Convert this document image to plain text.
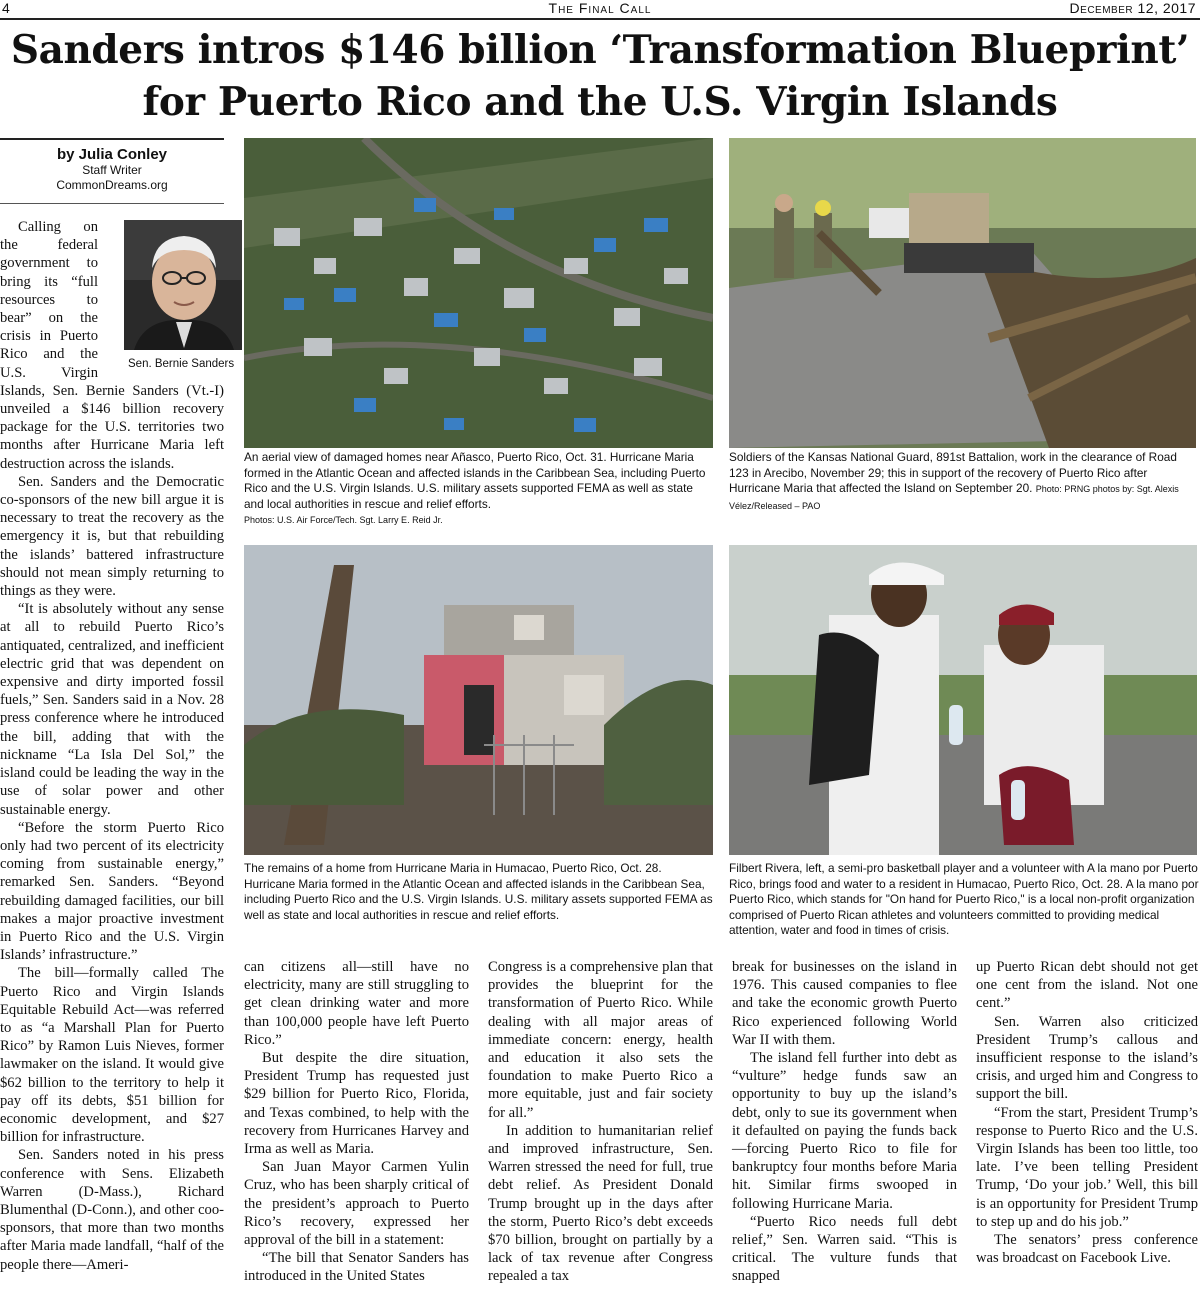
4	The Final Call	December 12, 2017
Sanders intros $146 billion ‘Transformation Blueprint’
for Puerto Rico and the U.S. Virgin Islands
by Julia Conley
Staff Writer
CommonDreams.org

Sen. Bernie Sanders
Calling on the federal government to bring its “full resources to bear” on the crisis in Puerto Rico and the U.S. Virgin Islands, Sen. Bernie Sanders (Vt.-I) unveiled a $146 billion recovery package for the U.S. territories two months after Hurricane Maria left destruction across the islands.

Sen. Sanders and the Democratic co-sponsors of the new bill argue it is necessary to treat the recovery as the emergency it is, but that rebuilding the islands’ battered infrastructure should not mean simply returning to things as they were.

“It is absolutely without any sense at all to rebuild Puerto Rico’s antiquated, centralized, and inefficient electric grid that was dependent on expensive and dirty imported fossil fuels,” Sen. Sanders said in a Nov. 28 press conference where he introduced the bill, adding that with the nickname “La Isla Del Sol,” the island could be leading the way in the use of solar power and other sustainable energy.

“Before the storm Puerto Rico only had two percent of its electricity coming from sustainable energy,” remarked Sen. Sanders. “Beyond rebuilding damaged facilities, our bill makes a major proactive investment in Puerto Rico and the U.S. Virgin Islands’ infrastructure.”

The bill—formally called The Puerto Rico and Virgin Islands Equitable Rebuild Act—was referred to as “a Marshall Plan for Puerto Rico” by Ramon Luis Nieves, former lawmaker on the island. It would give $62 billion to the territory to help it pay off its debts, $51 billion for economic development, and $27 billion for infrastructure.

Sen. Sanders noted in his press conference with Sens. Elizabeth Warren (D-Mass.), Richard Blumenthal (D-Conn.), and other coo-sponsors, that more than two months after Maria made landfall, “half of the people there—Ameri-

An aerial view of damaged homes near Añasco, Puerto Rico, Oct. 31. Hurricane Maria formed in the Atlantic Ocean and affected islands in the Caribbean Sea, including Puerto Rico and the U.S. Virgin Islands. U.S. military assets supported FEMA as well as state and local authorities in rescue and relief efforts.
Photos: U.S. Air Force/Tech. Sgt. Larry E. Reid Jr.
Soldiers of the Kansas National Guard, 891st Battalion, work in the clearance of Road 123 in Arecibo, November 29; this in support of the recovery of Puerto Rico after Hurricane Maria that affected the Island on September 20. Photo: PRNG photos by: Sgt. Alexis Vélez/Released – PAO
The remains of a home from Hurricane Maria in Humacao, Puerto Rico, Oct. 28. Hurricane Maria formed in the Atlantic Ocean and affected islands in the Caribbean Sea, including Puerto Rico and the U.S. Virgin Islands. U.S. military assets supported FEMA as well as state and local authorities in rescue and relief efforts.
Filbert Rivera, left, a semi-pro basketball player and a volunteer with A la mano por Puerto Rico, brings food and water to a resident in Humacao, Puerto Rico, Oct. 28. A la mano por Puerto Rico, which stands for "On hand for Puerto Rico," is a local non-profit organization comprised of Puerto Rican athletes and volunteers committed to providing medical attention, water and food in times of crisis.

can citizens all—still have no electricity, many are still struggling to get clean drinking water and more than 100,000 people have left Puerto Rico.”

But despite the dire situation, President Trump has requested just $29 billion for Puerto Rico, Florida, and Texas combined, to help with the recovery from Hurricanes Harvey and Irma as well as Maria.

San Juan Mayor Carmen Yulin Cruz, who has been sharply critical of the president’s approach to Puerto Rico’s recovery, expressed her approval of the bill in a statement:

“The bill that Senator Sanders has introduced in the United States

Congress is a comprehensive plan that provides the blueprint for the transformation of Puerto Rico. While dealing with all major areas of immediate concern: energy, health and education it also sets the foundation to make Puerto Rico a more equitable, just and fair society for all.”

In addition to humanitarian relief and improved infrastructure, Sen. Warren stressed the need for full, true debt relief. As President Donald Trump brought up in the days after the storm, Puerto Rico’s debt exceeds $70 billion, brought on partially by a lack of tax revenue after Congress repealed a tax

break for businesses on the island in 1976. This caused companies to flee and take the economic growth Puerto Rico experienced following World War II with them.

The island fell further into debt as “vulture” hedge funds saw an opportunity to buy up the island’s debt, only to sue its government when it defaulted on paying the funds back—forcing Puerto Rico to file for bankruptcy four months before Maria hit. Similar firms swooped in following Hurricane Maria.

“Puerto Rico needs full debt relief,” Sen. Warren said. “This is critical. The vulture funds that snapped

up Puerto Rican debt should not get one cent from the island. Not one cent.”

Sen. Warren also criticized President Trump’s callous and insufficient response to the island’s crisis, and urged him and Congress to support the bill.

“From the start, President Trump’s response to Puerto Rico and the U.S. Virgin Islands has been too little, too late. I’ve been telling President Trump, ‘Do your job.’ Well, this bill is an opportunity for President Trump to step up and do his job.”

The senators’ press conference was broadcast on Facebook Live.
